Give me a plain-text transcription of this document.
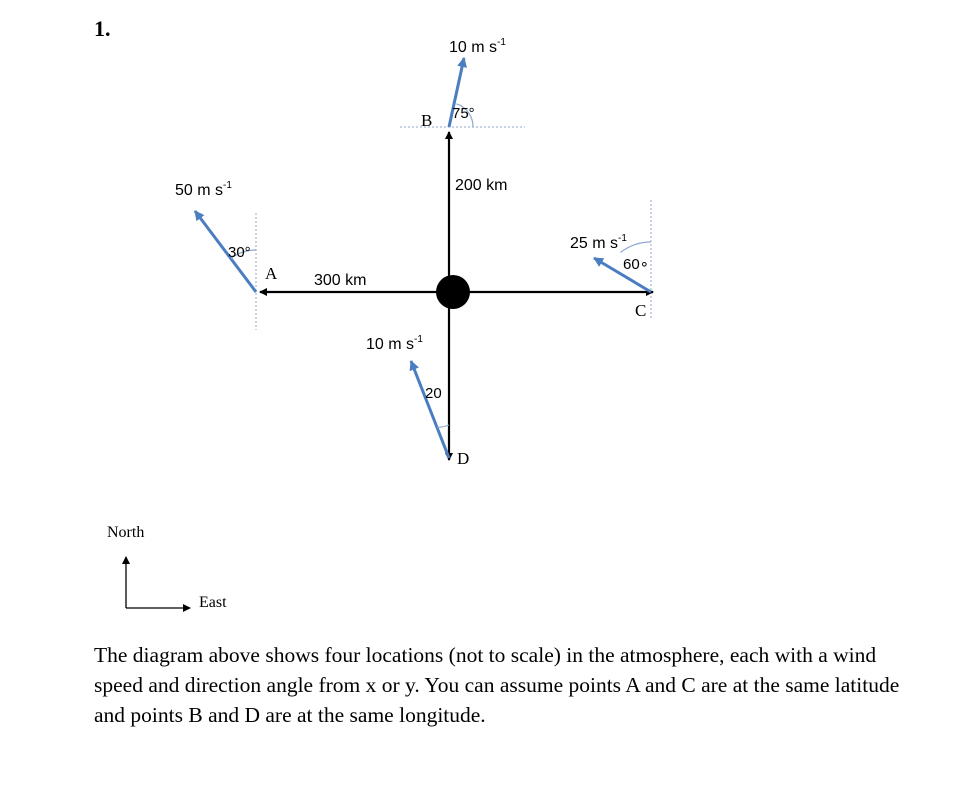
1.
B
A
C
D
200 km
300 km
10 m $s^{-1}$
50 m $s^{-1}$
25 m $s^{-1}$
10 m $s^{-1}$
75°
30°
60∘
20
North
East

The diagram above shows four locations (not to scale) in the atmosphere, each with a wind speed and direction angle from x or y. You can assume points A and C are at the same latitude and points B and D are at the same longitude.
